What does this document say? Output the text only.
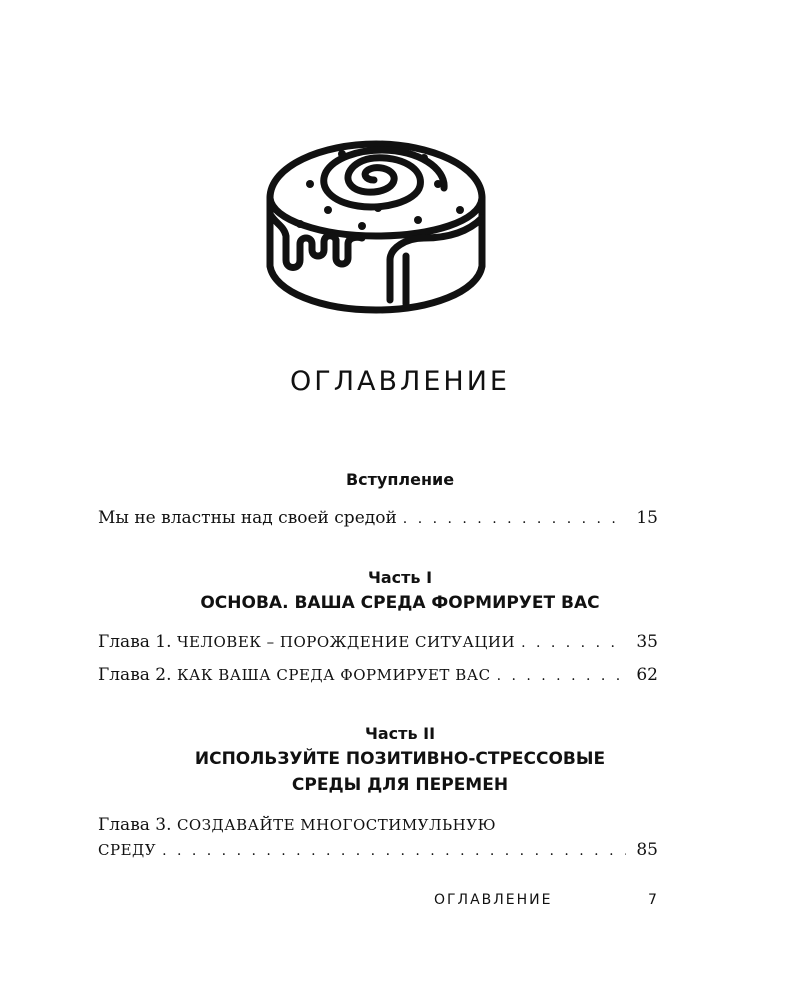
ОГЛАВЛЕНИЕ
Вступление
Мы не властны над своей средой . . .	15
Часть I
ОСНОВА. ВАША СРЕДА ФОРМИРУЕТ ВАС
Глава 1. ЧЕЛОВЕК – ПОРОЖДЕНИЕ СИТУАЦИИ . . .	35
Глава 2. КАК ВАША СРЕДА ФОРМИРУЕТ ВАС . . .	62
Часть II
ИСПОЛЬЗУЙТЕ ПОЗИТИВНО-СТРЕССОВЫЕ
СРЕДЫ ДЛЯ ПЕРЕМЕН
Глава 3. СОЗДАВАЙТЕ МНОГОСТИМУЛЬНУЮ
СРЕДУ . . .	85
ОГЛАВЛЕНИЕ	7
